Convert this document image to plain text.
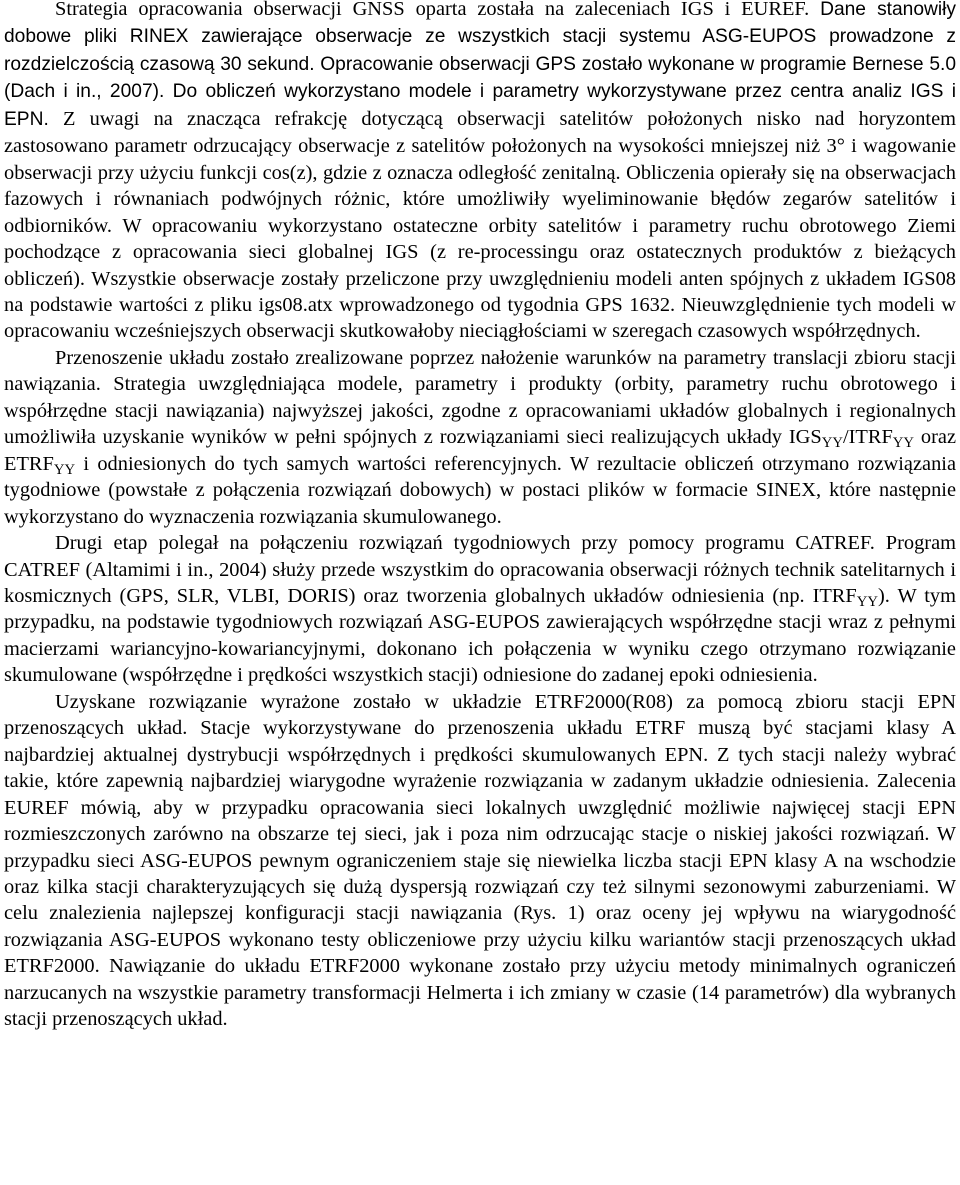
Strategia opracowania obserwacji GNSS oparta została na zaleceniach IGS i EUREF. Dane stanowiły dobowe pliki RINEX zawierające obserwacje ze wszystkich stacji systemu ASG-EUPOS prowadzone z rozdzielczością czasową 30 sekund. Opracowanie obserwacji GPS zostało wykonane w programie Bernese 5.0 (Dach i in., 2007). Do obliczeń wykorzystano modele i parametry wykorzystywane przez centra analiz IGS i EPN. Z uwagi na znacząca refrakcję dotyczącą obserwacji satelitów położonych nisko nad horyzontem zastosowano parametr odrzucający obserwacje z satelitów położonych na wysokości mniejszej niż 3° i wagowanie obserwacji przy użyciu funkcji cos(z), gdzie z oznacza odległość zenitalną. Obliczenia opierały się na obserwacjach fazowych i równaniach podwójnych różnic, które umożliwiły wyeliminowanie błędów zegarów satelitów i odbiorników. W opracowaniu wykorzystano ostateczne orbity satelitów i parametry ruchu obrotowego Ziemi pochodzące z opracowania sieci globalnej IGS (z re-processingu oraz ostatecznych produktów z bieżących obliczeń). Wszystkie obserwacje zostały przeliczone przy uwzględnieniu modeli anten spójnych z układem IGS08 na podstawie wartości z pliku igs08.atx wprowadzonego od tygodnia GPS 1632. Nieuwzględnienie tych modeli w opracowaniu wcześniejszych obserwacji skutkowałoby nieciągłościami w szeregach czasowych współrzędnych.

Przenoszenie układu zostało zrealizowane poprzez nałożenie warunków na parametry translacji zbioru stacji nawiązania. Strategia uwzględniająca modele, parametry i produkty (orbity, parametry ruchu obrotowego i współrzędne stacji nawiązania) najwyższej jakości, zgodne z opracowaniami układów globalnych i regionalnych umożliwiła uzyskanie wyników w pełni spójnych z rozwiązaniami sieci realizujących układy $IGS_{YY}/ITRF_{YY}$ oraz $ETRF_{YY}$ i odniesionych do tych samych wartości referencyjnych. W rezultacie obliczeń otrzymano rozwiązania tygodniowe (powstałe z połączenia rozwiązań dobowych) w postaci plików w formacie SINEX, które następnie wykorzystano do wyznaczenia rozwiązania skumulowanego.

Drugi etap polegał na połączeniu rozwiązań tygodniowych przy pomocy programu CATREF. Program CATREF (Altamimi i in., 2004) służy przede wszystkim do opracowania obserwacji różnych technik satelitarnych i kosmicznych (GPS, SLR, VLBI, DORIS) oraz tworzenia globalnych układów odniesienia (np. $ITRF_{YY}$). W tym przypadku, na podstawie tygodniowych rozwiązań ASG-EUPOS zawierających współrzędne stacji wraz z pełnymi macierzami wariancyjno-kowariancyjnymi, dokonano ich połączenia w wyniku czego otrzymano rozwiązanie skumulowane (współrzędne i prędkości wszystkich stacji) odniesione do zadanej epoki odniesienia.

Uzyskane rozwiązanie wyrażone zostało w układzie ETRF2000(R08) za pomocą zbioru stacji EPN przenoszących układ. Stacje wykorzystywane do przenoszenia układu ETRF muszą być stacjami klasy A najbardziej aktualnej dystrybucji współrzędnych i prędkości skumulowanych EPN. Z tych stacji należy wybrać takie, które zapewnią najbardziej wiarygodne wyrażenie rozwiązania w zadanym układzie odniesienia. Zalecenia EUREF mówią, aby w przypadku opracowania sieci lokalnych uwzględnić możliwie najwięcej stacji EPN rozmieszczonych zarówno na obszarze tej sieci, jak i poza nim odrzucając stacje o niskiej jakości rozwiązań. W przypadku sieci ASG-EUPOS pewnym ograniczeniem staje się niewielka liczba stacji EPN klasy A na wschodzie oraz kilka stacji charakteryzujących się dużą dyspersją rozwiązań czy też silnymi sezonowymi zaburzeniami. W celu znalezienia najlepszej konfiguracji stacji nawiązania (Rys. 1) oraz oceny jej wpływu na wiarygodność rozwiązania ASG-EUPOS wykonano testy obliczeniowe przy użyciu kilku wariantów stacji przenoszących układ ETRF2000. Nawiązanie do układu ETRF2000 wykonane zostało przy użyciu metody minimalnych ograniczeń narzucanych na wszystkie parametry transformacji Helmerta i ich zmiany w czasie (14 parametrów) dla wybranych stacji przenoszących układ.
